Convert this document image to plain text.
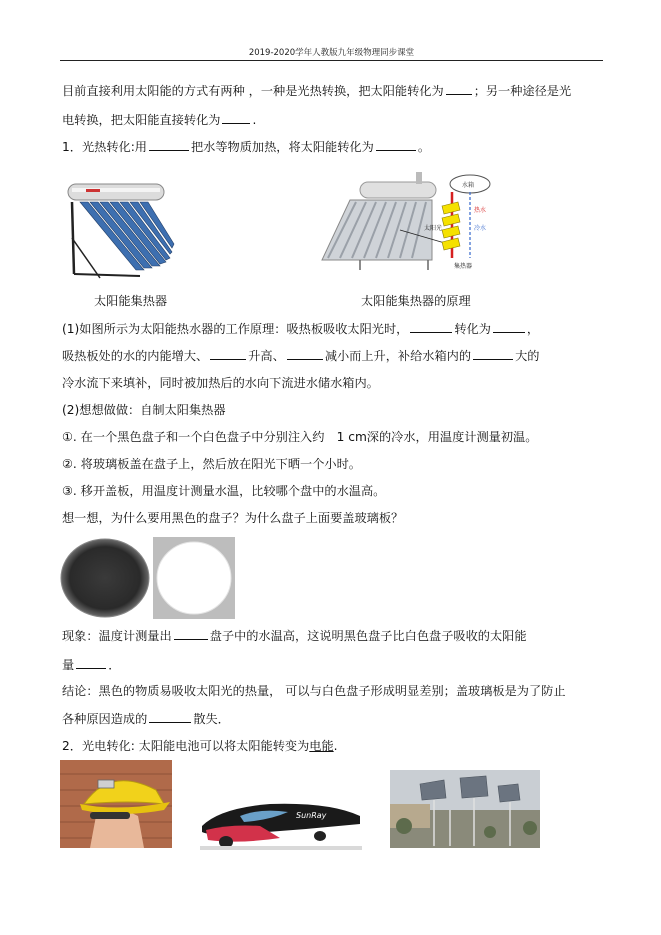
2019-2020学年人教版九年级物理同步课堂
目前直接利用太阳能的方式有两种 ，一种是光热转换，把太阳能转化为 ；另一种途径是光
电转换，把太阳能直接转化为	.
1．光热转化:用	把水等物质加热，将太阳能转化为	。
水箱
太阳光
热水
冷水
集热器
太阳能集热器	太阳能集热器的原理
(1)如图所示为太阳能热水器的工作原理：吸热板吸收太阳光时，	转化为	，
吸热板处的水的内能增大、	升高、	减小而上升，补给水箱内的	大的
冷水流下来填补，同时被加热后的水向下流进水储水箱内。
(2)想想做做：自制太阳集热器
①. 在一个黑色盘子和一个白色盘子中分别注入约　1 cm深的冷水，用温度计测量初温。
②. 将玻璃板盖在盘子上，然后放在阳光下晒一个小时。
③. 移开盖板，用温度计测量水温，比较哪个盘中的水温高。
想一想，为什么要用黑色的盘子？为什么盘子上面要盖玻璃板？
现象：温度计测量出	盘子中的水温高，这说明黑色盘子比白色盘子吸收的太阳能
量	．
结论：黑色的物质易吸收太阳光的热量， 可以与白色盘子形成明显差别；盖玻璃板是为了防止
各种原因造成的	散失．
2．光电转化: 太阳能电池可以将太阳能转变为电能.
SunRay
